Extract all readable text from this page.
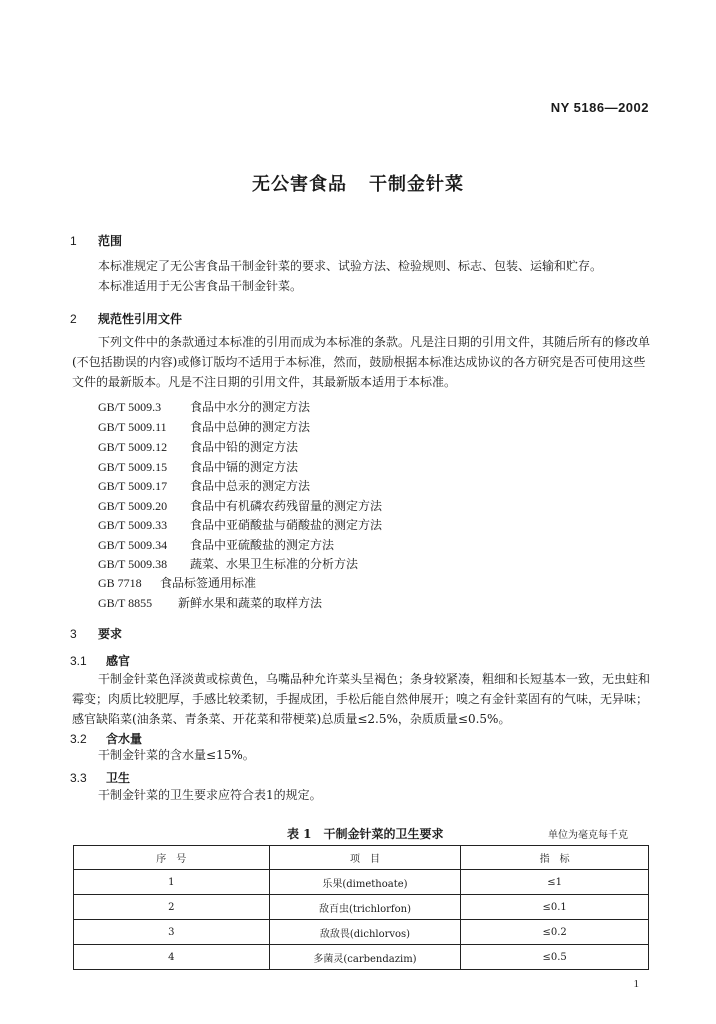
NY 5186—2002
无公害食品 干制金针菜
1 范围
本标准规定了无公害食品干制金针菜的要求、试验方法、检验规则、标志、包装、运输和贮存。
本标准适用于无公害食品干制金针菜。
2 规范性引用文件
下列文件中的条款通过本标准的引用而成为本标准的条款。凡是注日期的引用文件，其随后所有的修改单(不包括勘误的内容)或修订版均不适用于本标准，然而，鼓励根据本标准达成协议的各方研究是否可使用这些文件的最新版本。凡是不注日期的引用文件，其最新版本适用于本标准。
GB/T 5009.3 食品中水分的测定方法
GB/T 5009.11 食品中总砷的测定方法
GB/T 5009.12 食品中铅的测定方法
GB/T 5009.15 食品中镉的测定方法
GB/T 5009.17 食品中总汞的测定方法
GB/T 5009.20 食品中有机磷农药残留量的测定方法
GB/T 5009.33 食品中亚硝酸盐与硝酸盐的测定方法
GB/T 5009.34 食品中亚硫酸盐的测定方法
GB/T 5009.38 蔬菜、水果卫生标准的分析方法
GB 7718 食品标签通用标准
GB/T 8855 新鲜水果和蔬菜的取样方法
3 要求
3.1 感官
干制金针菜色泽淡黄或棕黄色，乌嘴品种允许菜头呈褐色；条身较紧凑，粗细和长短基本一致，无虫蛀和霉变；肉质比较肥厚，手感比较柔韧，手握成团，手松后能自然伸展开；嗅之有金针菜固有的气味，无异味；感官缺陷菜(油条菜、青条菜、开花菜和带梗菜)总质量≤2.5%，杂质质量≤0.5%。
3.2 含水量
干制金针菜的含水量≤15%。
3.3 卫生
干制金针菜的卫生要求应符合表1的规定。
表 1　干制金针菜的卫生要求	单位为毫克每千克
序　号	项　目	指　标
1	乐果(dimethoate)	≤1
2	敌百虫(trichlorfon)	≤0.1
3	敌敌畏(dichlorvos)	≤0.2
4	多菌灵(carbendazim)	≤0.5
1
